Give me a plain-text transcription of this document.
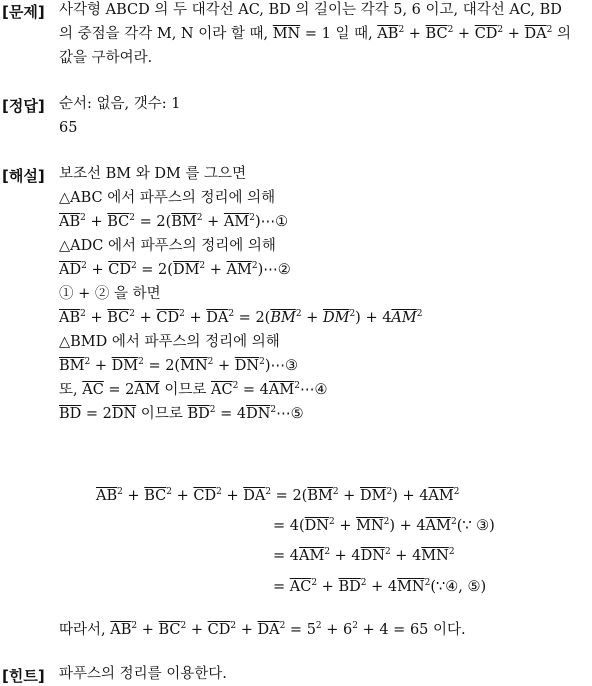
[문제] 사각형 ABCD 의 두 대각선 AC, BD 의 길이는 각각 5, 6 이고, 대각선 AC, BD
의 중점을 각각 M, N 이라 할 때, $\overline{MN} = 1$ 일 때, $\overline{AB}^2 + \overline{BC}^2 + \overline{CD}^2 + \overline{DA}^2$ 의
값을 구하여라.
[정답] 순서: 없음, 갯수: 1
65
[해설] 보조선 BM 와 DM 를 그으면
△ABC 에서 파푸스의 정리에 의해
$\overline{AB}^2 + \overline{BC}^2 = 2(\overline{BM}^2$ + $\overline{AM}^2)\cdots ①$
△ADC 에서 파푸스의 정리에 의해
$\overline{AD}^2 + \overline{CD}^2 = 2(\overline{DM}^2$ + $\overline{AM}^2)\cdots ②$
① + ② 을 하면
$\overline{AB}^2 + \overline{BC}^2 + \overline{CD}^2 + \overline{DA}^2 = 2(\overline{BM}^2 + \overline{DM}^2) + 4\overline{AM}^2$
△BMD 에서 파푸스의 정리에 의해
$\overline{BM}^2 + \overline{DM}^2 = 2(\overline{MN}^2$ + $\overline{DN}^2)\cdots ③$
또, $\overline{AC} = 2\overline{AM}$ 이므로 $\overline{AC}^2$ = $4\overline{AM}^2\cdots ④$
$\overline{BD} = 2\overline{DN}$ 이므로 $\overline{BD}^2$ = $4\overline{DN}^2\cdots ⑤$
$\overline{AB}^2 + \overline{BC}^2 + \overline{CD}^2 + \overline{DA}^2 = 2(\overline{BM}^2 + \overline{DM}^2) + 4\overline{AM}^2$
= $4(\overline{DN}^2 + \overline{MN}^2)$ + $4\overline{AM}^2(\because$ ③)
= $4\overline{AM}^2 + 4\overline{DN}^2 + 4\overline{MN}^2$
= $\overline{AC}^2 + \overline{BD}^2$ + $4\overline{MN}^2(\because ④$, ⑤)
따라서, $\overline{AB}^2 + \overline{BC}^2 + \overline{CD}^2 + \overline{DA}^2 = 5^2 + 6^2 + 4 = 65$ 이다.
[힌트] 파푸스의 정리를 이용한다.
